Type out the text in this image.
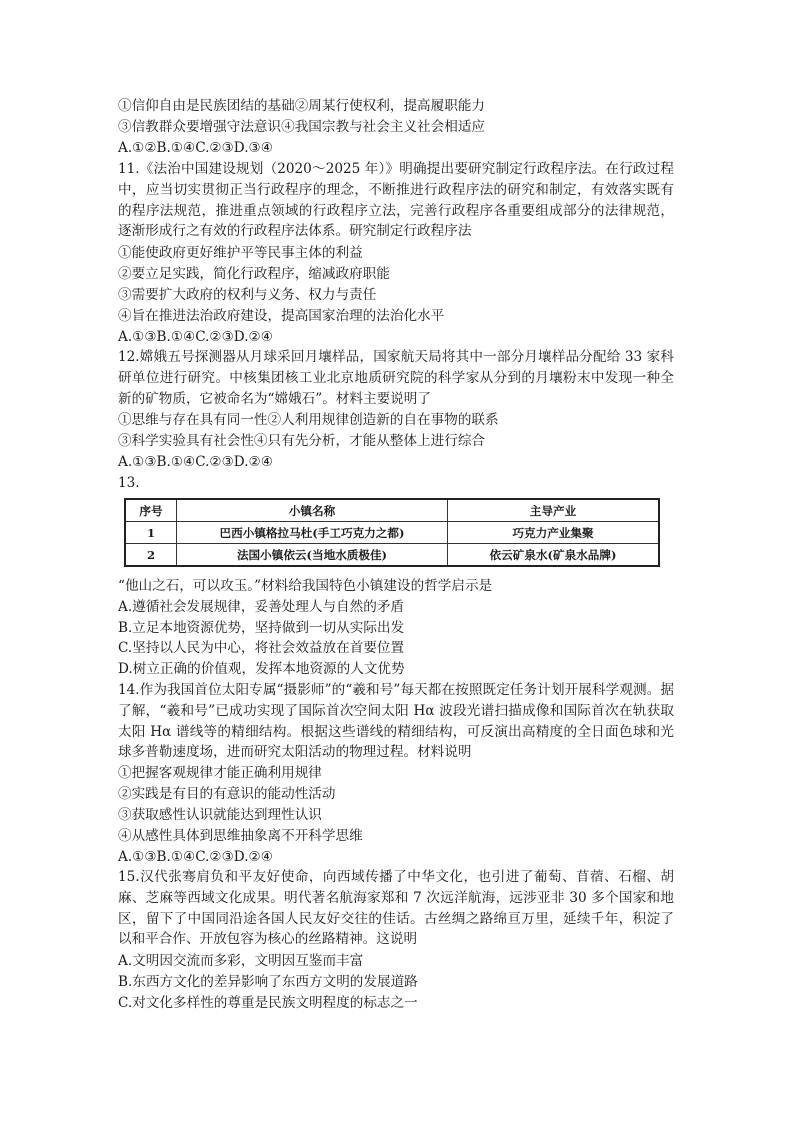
①信仰自由是民族团结的基础②周某行使权利，提高履职能力
③信教群众要增强守法意识④我国宗教与社会主义社会相适应
A.①②B.①④C.②③D.③④

11.《法治中国建设规划（2020～2025 年）》明确提出要研究制定行政程序法。在行政过程中，应当切实贯彻正当行政程序的理念，不断推进行政程序法的研究和制定，有效落实既有的程序法规范，推进重点领域的行政程序立法，完善行政程序各重要组成部分的法律规范，逐渐形成行之有效的行政程序法体系。研究制定行政程序法

①能使政府更好维护平等民事主体的利益
②要立足实践，简化行政程序，缩减政府职能
③需要扩大政府的权利与义务、权力与责任
④旨在推进法治政府建设，提高国家治理的法治化水平
A.①③B.①④C.②③D.②④

12.嫦娥五号探测器从月球采回月壤样品，国家航天局将其中一部分月壤样品分配给 33 家科研单位进行研究。中核集团核工业北京地质研究院的科学家从分到的月壤粉末中发现一种全新的矿物质，它被命名为“嫦娥石”。材料主要说明了

①思维与存在具有同一性②人利用规律创造新的自在事物的联系
③科学实验具有社会性④只有先分析，才能从整体上进行综合
A.①③B.①④C.②③D.②④
13.
序号	小镇名称	主导产业
1	巴西小镇格拉马杜(手工巧克力之都)	巧克力产业集聚
2	法国小镇依云(当地水质极佳)	依云矿泉水(矿泉水品牌)
“他山之石，可以攻玉。”材料给我国特色小镇建设的哲学启示是
A.遵循社会发展规律，妥善处理人与自然的矛盾
B.立足本地资源优势，坚持做到一切从实际出发
C.坚持以人民为中心，将社会效益放在首要位置
D.树立正确的价值观，发挥本地资源的人文优势

14.作为我国首位太阳专属“摄影师”的“羲和号”每天都在按照既定任务计划开展科学观测。据了解，“羲和号”已成功实现了国际首次空间太阳 Hα 波段光谱扫描成像和国际首次在轨获取太阳 Hα 谱线等的精细结构。根据这些谱线的精细结构，可反演出高精度的全日面色球和光球多普勒速度场，进而研究太阳活动的物理过程。材料说明

①把握客观规律才能正确利用规律
②实践是有目的有意识的能动性活动
③获取感性认识就能达到理性认识
④从感性具体到思维抽象离不开科学思维
A.①③B.①④C.②③D.②④

15.汉代张骞肩负和平友好使命，向西域传播了中华文化，也引进了葡萄、苜蓿、石榴、胡麻、芝麻等西域文化成果。明代著名航海家郑和 7 次远洋航海，远涉亚非 30 多个国家和地区，留下了中国同沿途各国人民友好交往的佳话。古丝绸之路绵亘万里，延续千年，积淀了以和平合作、开放包容为核心的丝路精神。这说明

A.文明因交流而多彩，文明因互鉴而丰富
B.东西方文化的差异影响了东西方文明的发展道路
C.对文化多样性的尊重是民族文明程度的标志之一
